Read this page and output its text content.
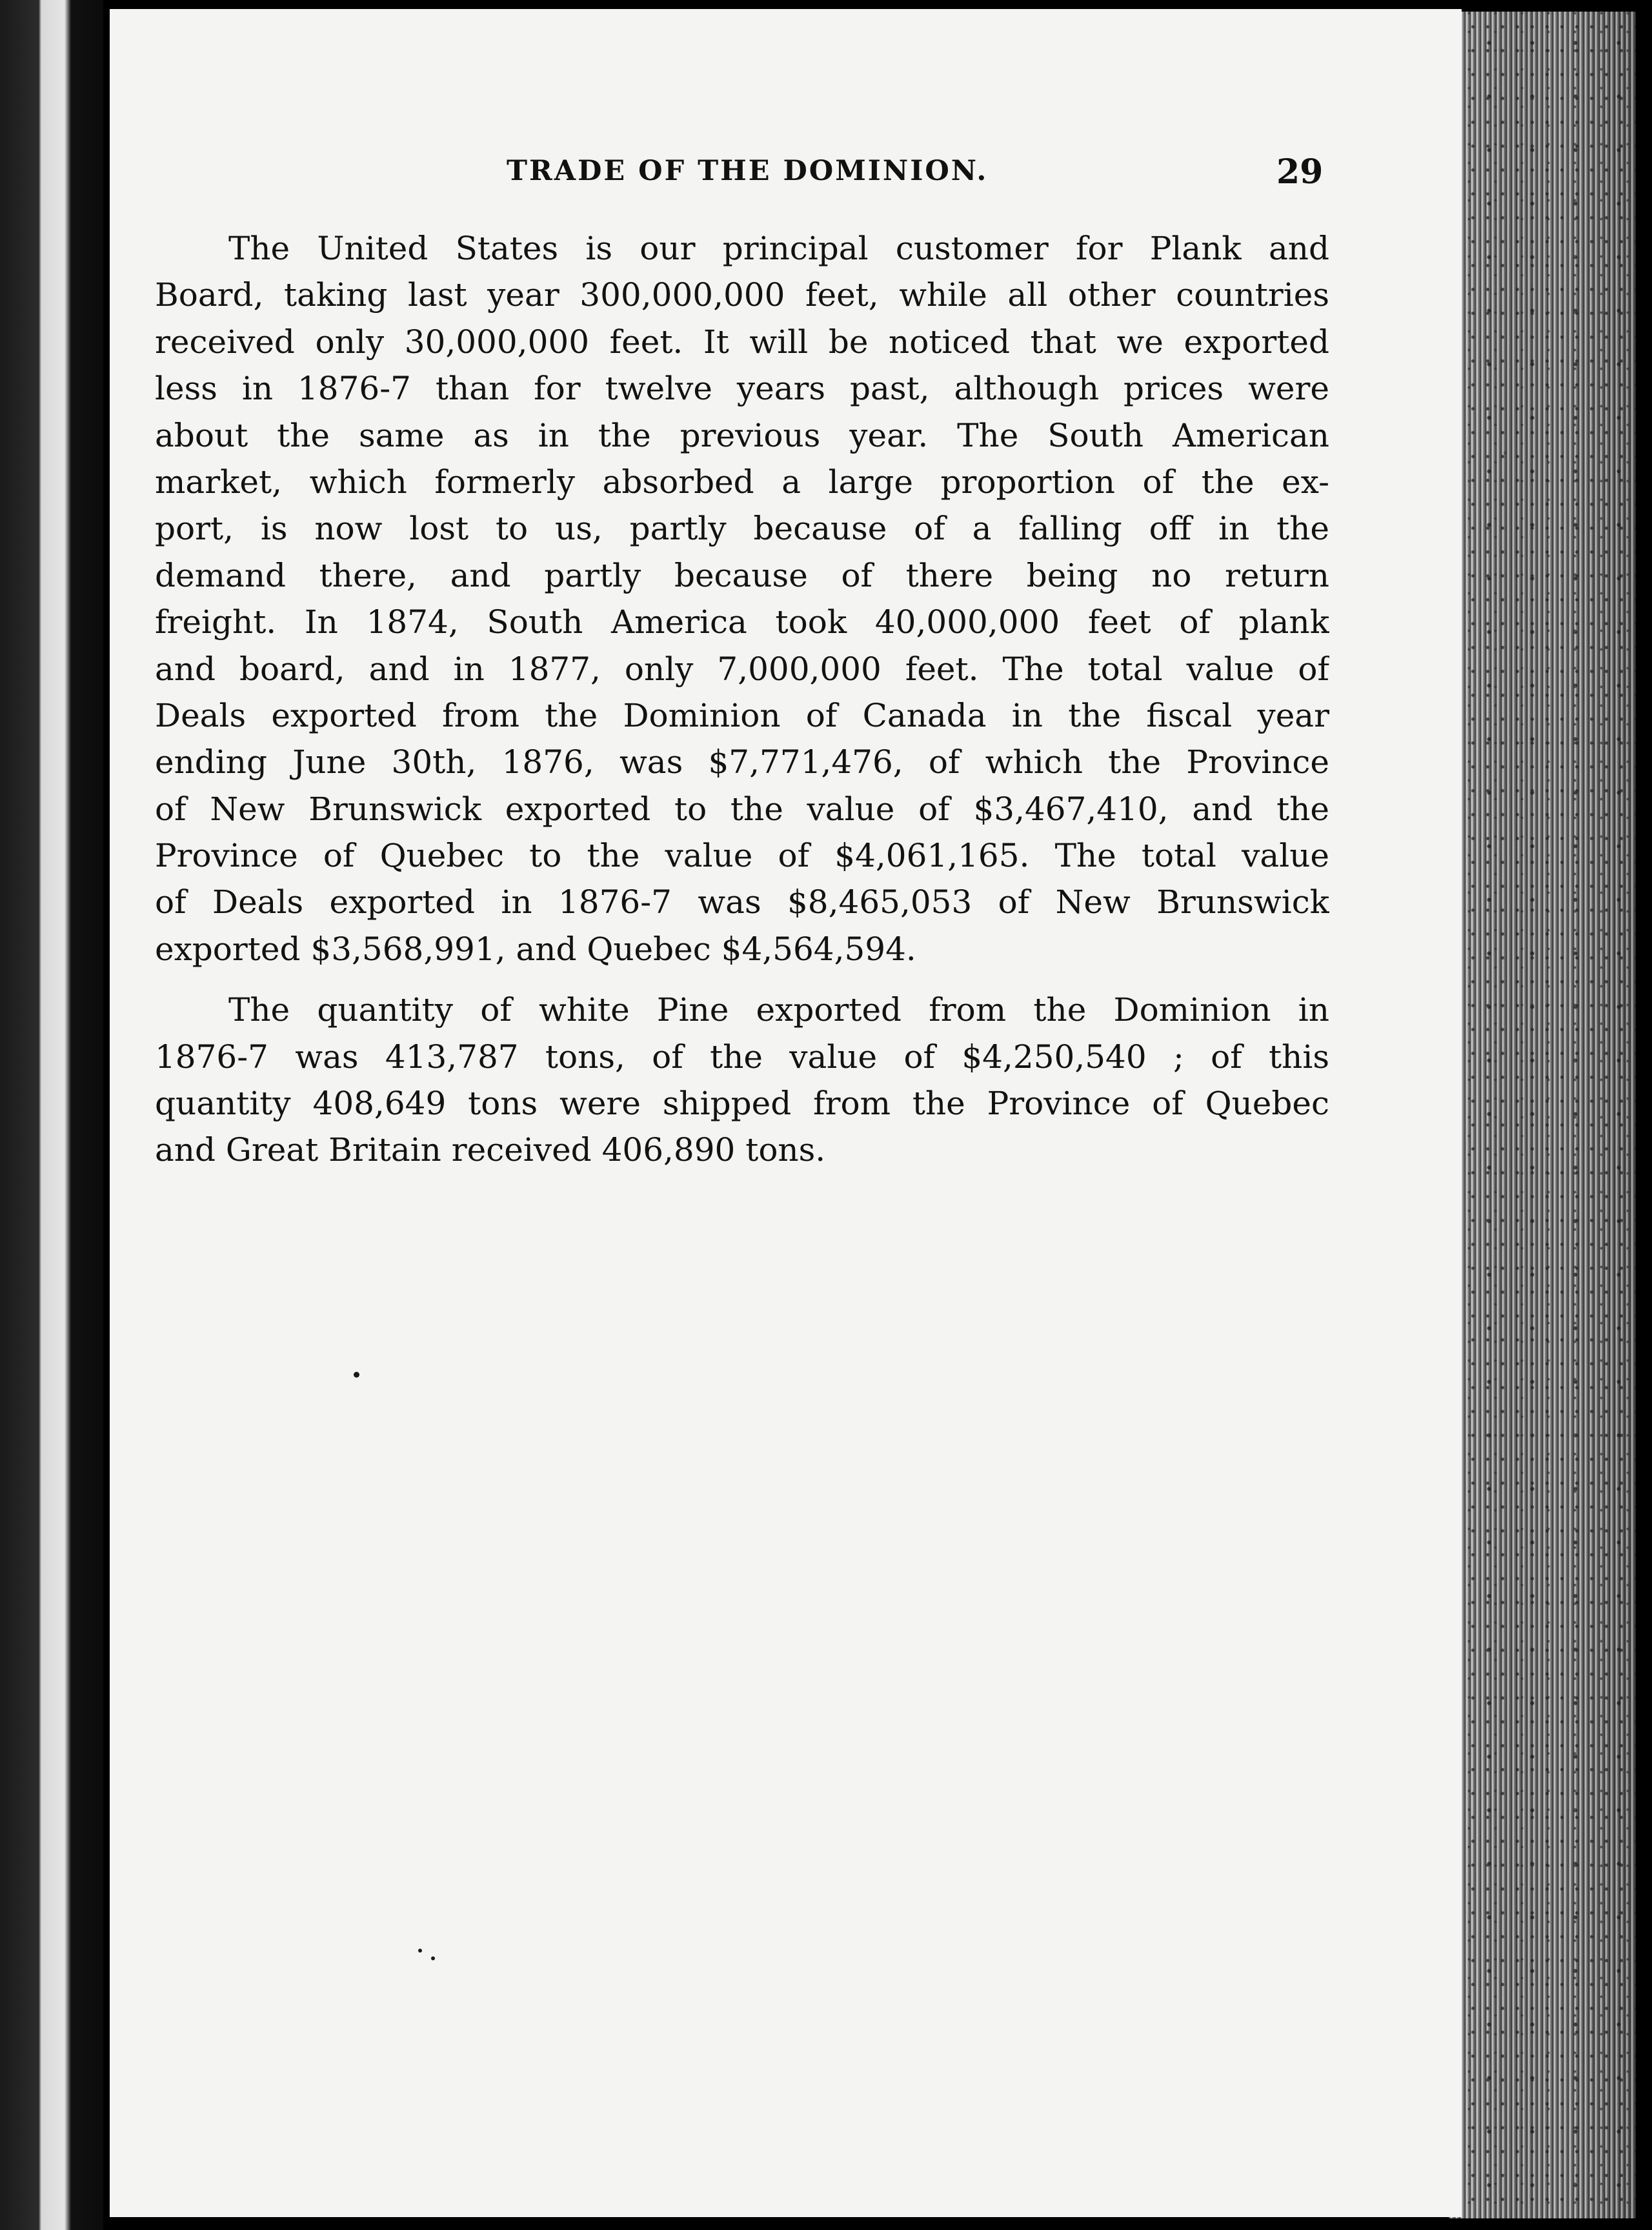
TRADE OF THE DOMINION.	29
The United States is our principal customer for Plank and
Board, taking last year 300,000,000 feet, while all other countries
received only 30,000,000 feet. It will be noticed that we exported
less in 1876-7 than for twelve years past, although prices were
about the same as in the previous year. The South American
market, which formerly absorbed a large proportion of the ex-
port, is now lost to us, partly because of a falling off in the
demand there, and partly because of there being no return
freight. In 1874, South America took 40,000,000 feet of plank
and board, and in 1877, only 7,000,000 feet. The total value of
Deals exported from the Dominion of Canada in the fiscal year
ending June 30th, 1876, was $7,771,476, of which the Province
of New Brunswick exported to the value of $3,467,410, and the
Province of Quebec to the value of $4,061,165. The total value
of Deals exported in 1876-7 was $8,465,053 of New Brunswick
exported $3,568,991, and Quebec $4,564,594.
The quantity of white Pine exported from the Dominion in
1876-7 was 413,787 tons, of the value of $4,250,540 ; of this
quantity 408,649 tons were shipped from the Province of Quebec
and Great Britain received 406,890 tons.
